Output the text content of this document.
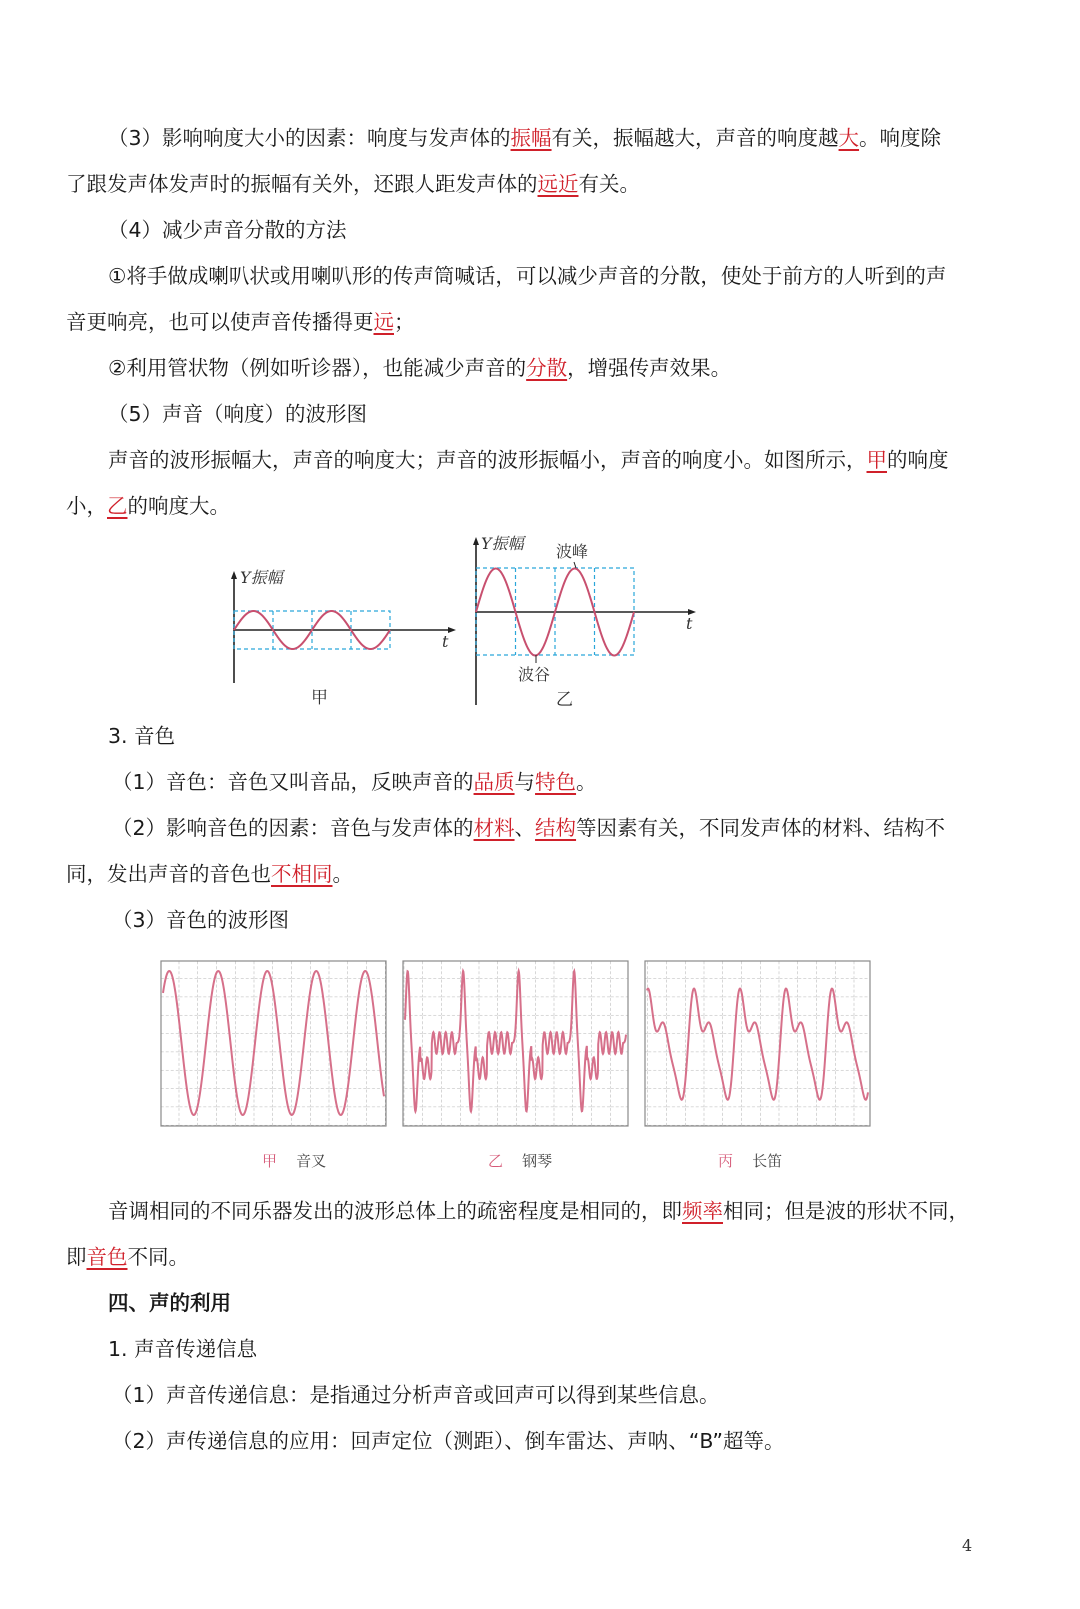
（3）影响响度大小的因素：响度与发声体的振幅有关，振幅越大，声音的响度越大。响度除
了跟发声体发声时的振幅有关外，还跟人距发声体的远近有关。
（4）减少声音分散的方法
①将手做成喇叭状或用喇叭形的传声筒喊话，可以减少声音的分散，使处于前方的人听到的声
音更响亮，也可以使声音传播得更远；
②利用管状物（例如听诊器），也能减少声音的分散，增强传声效果。
（5）声音（响度）的波形图
声音的波形振幅大，声音的响度大；声音的波形振幅小，声音的响度小。如图所示，甲的响度
小，乙的响度大。
Y振幅
t
甲
Y振幅 波峰
波谷
t
乙
3. 音色
（1）音色：音色又叫音品，反映声音的品质与特色。
（2）影响音色的因素：音色与发声体的材料、结构等因素有关，不同发声体的材料、结构不
同，发出声音的音色也不相同。
（3）音色的波形图
甲 音叉	乙 钢琴	丙 长笛
音调相同的不同乐器发出的波形总体上的疏密程度是相同的，即频率相同；但是波的形状不同，
即音色不同。
四、声的利用
1. 声音传递信息
（1）声音传递信息：是指通过分析声音或回声可以得到某些信息。
（2）声传递信息的应用：回声定位（测距）、倒车雷达、声呐、“B”超等。
4
